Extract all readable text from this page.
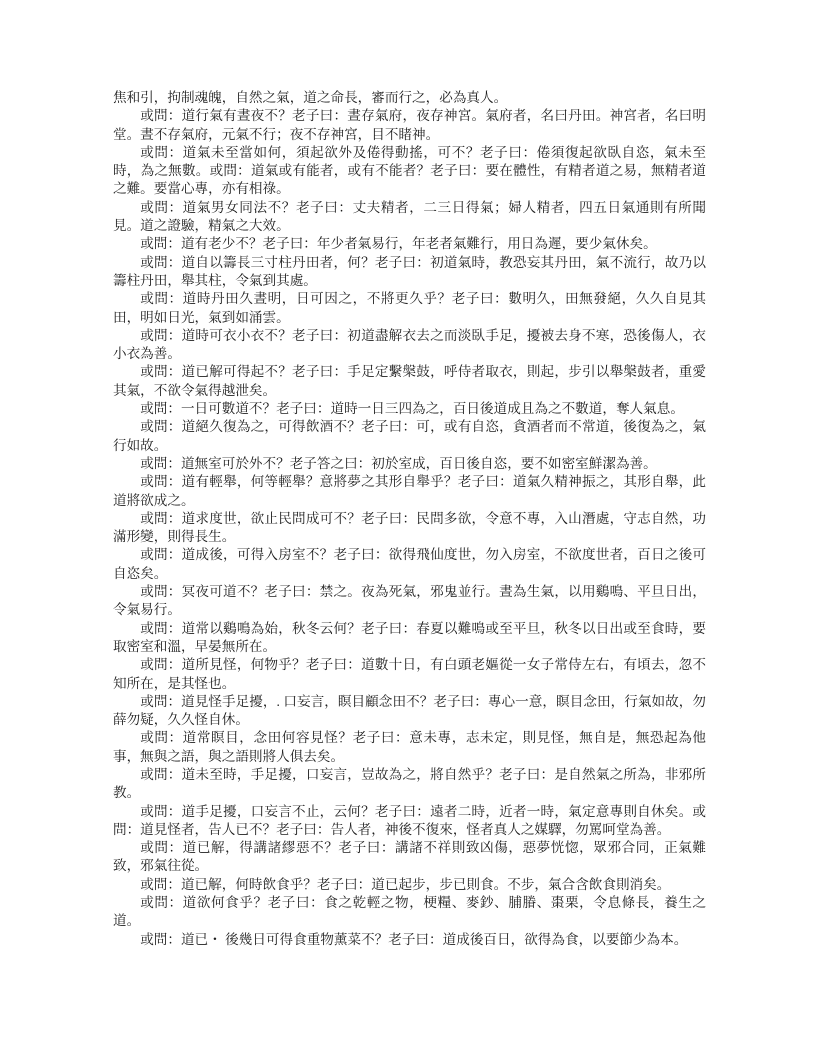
焦和引，拘制魂魄，自然之氣，道之命長，審而行之，必為真人。

或問：道行氣有晝夜不？老子曰：晝存氣府，夜存神宮。氣府者，名曰丹田。神宮者，名曰明堂。晝不存氣府，元氣不行；夜不存神宮，目不睹神。

或問：道氣未至當如何，須起欲外及倦得動搖，可不？老子曰：倦須復起欲臥自恣，氣未至時，為之無數。或問：道氣或有能者，或有不能者？老子曰：要在體性，有精者道之易，無精者道之難。要當心專，亦有相祿。

或問：道氣男女同法不？老子曰：丈夫精者，二三日得氣；婦人精者，四五日氣通則有所聞見。道之證驗，精氣之大效。

或問：道有老少不？老子曰：年少者氣易行，年老者氣難行，用日為遲，要少氣休矣。

或問：道自以籌長三寸柱丹田者，何？老子曰：初道氣時，教恐妄其丹田，氣不流行，故乃以籌柱丹田，舉其柱，令氣到其處。

或問：道時丹田久晝明，日可因之，不將更久乎？老子曰：數明久，田無發絕，久久自見其田，明如日光，氣到如涌雲。

或問：道時可衣小衣不？老子曰：初道盡解衣去之而淡臥手足，擾被去身不寒，恐後傷人，衣小衣為善。

或問：道已解可得起不？老子曰：手足定繫槃鼓，呼侍者取衣，則起，步引以舉槃鼓者，重愛其氣，不欲令氣得越泄矣。

或問：一日可數道不？老子曰：道時一日三四為之，百日後道成且為之不數道，奪人氣息。

或問：道絕久復為之，可得飲酒不？老子曰：可，或有自恣，貪酒者而不常道，後復為之，氣行如故。

或問：道無室可於外不？老子答之曰：初於室成，百日後自恣，要不如密室鮮潔為善。

或問：道有輕舉，何等輕舉？意將夢之其形自舉乎？老子曰：道氣久精神振之，其形自舉，此道將欲成之。

或問：道求度世，欲止民問成可不？老子曰：民問多欲，令意不專，入山潛處，守志自然，功滿形變，則得長生。

或問：道成後，可得入房室不？老子曰：欲得飛仙度世，勿入房室，不欲度世者，百日之後可自恣矣。

或問：冥夜可道不？老子曰：禁之。夜為死氣，邪鬼並行。晝為生氣，以用鷄鳴、平旦日出，令氣易行。

或問：道常以鷄鳴為始，秋冬云何？老子曰：春夏以難鳴或至平旦，秋冬以日出或至食時，要取密室和溫，早晏無所在。

或問：道所見怪，何物乎？老子曰：道數十日，有白頭老嫗從一女子常侍左右，有頃去，忽不知所在，是其怪也。

或問：道見怪手足擾，. 口妄言，瞑目顧念田不？老子曰：專心一意，瞑目念田，行氣如故，勿薛勿疑，久久怪自休。

或問：道常瞑目，念田何容見怪？老子曰：意未專，志未定，則見怪，無自是，無恐起為他事，無與之語，與之語則將人俱去矣。

或問：道未至時，手足擾，口妄言，豈故為之，將自然乎？老子曰：是自然氣之所為，非邪所教。

或問：道手足擾，口妄言不止，云何？老子曰：遠者二時，近者一時，氣定意專則自休矣。或問：道見怪者，告人已不？老子曰：告人者，神後不復來，怪者真人之媒驛，勿罵呵堂為善。

或問：道已解，得講諸繆惡不？老子曰：講諸不祥則致凶傷，惡夢恍惚，眾邪合同，正氣難致，邪氣往從。

或問：道已解，何時飲食乎？老子曰：道已起步，步已則食。不步，氣合含飲食則消矣。

或問：道欲何食乎？老子曰：食之乾輕之物，梗糧、麥鈔、脯膡、棗栗，令息條長，養生之道。

或問：道已・ 後幾日可得食重物薰菜不？老子曰：道成後百日，欲得為食，以要節少為本。
